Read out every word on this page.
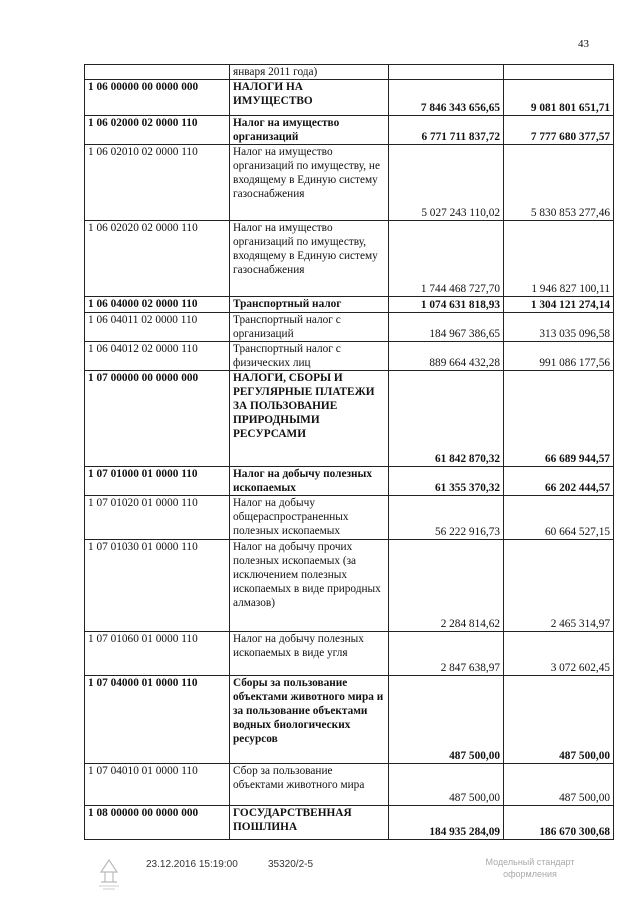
43
	января 2011 года)		
1 06 00000 00 0000 000	НАЛОГИ НА ИМУЩЕСТВО	7 846 343 656,65	9 081 801 651,71
1 06 02000 02 0000 110	Налог на имущество организаций	6 771 711 837,72	7 777 680 377,57
1 06 02010 02 0000 110	Налог на имущество организаций по имуществу, не входящему в Единую систему газоснабжения	5 027 243 110,02	5 830 853 277,46
1 06 02020 02 0000 110	Налог на имущество организаций по имуществу, входящему в Единую систему газоснабжения	1 744 468 727,70	1 946 827 100,11
1 06 04000 02 0000 110	Транспортный налог	1 074 631 818,93	1 304 121 274,14
1 06 04011 02 0000 110	Транспортный налог с организаций	184 967 386,65	313 035 096,58
1 06 04012 02 0000 110	Транспортный налог с физических лиц	889 664 432,28	991 086 177,56
1 07 00000 00 0000 000	НАЛОГИ, СБОРЫ И РЕГУЛЯРНЫЕ ПЛАТЕЖИ ЗА ПОЛЬЗОВАНИЕ ПРИРОДНЫМИ РЕСУРСАМИ	61 842 870,32	66 689 944,57
1 07 01000 01 0000 110	Налог на добычу полезных ископаемых	61 355 370,32	66 202 444,57
1 07 01020 01 0000 110	Налог на добычу общераспространенных полезных ископаемых	56 222 916,73	60 664 527,15
1 07 01030 01 0000 110	Налог на добычу прочих полезных ископаемых (за исключением полезных ископаемых в виде природных алмазов)	2 284 814,62	2 465 314,97
1 07 01060 01 0000 110	Налог на добычу полезных ископаемых в виде угля	2 847 638,97	3 072 602,45
1 07 04000 01 0000 110	Сборы за пользование объектами животного мира и за пользование объектами водных биологических ресурсов	487 500,00	487 500,00
1 07 04010 01 0000 110	Сбор за пользование объектами животного мира	487 500,00	487 500,00
1 08 00000 00 0000 000	ГОСУДАРСТВЕННАЯ ПОШЛИНА	184 935 284,09	186 670 300,68
23.12.2016 15:19:00	35320/2-5	Модельный стандарт оформления
